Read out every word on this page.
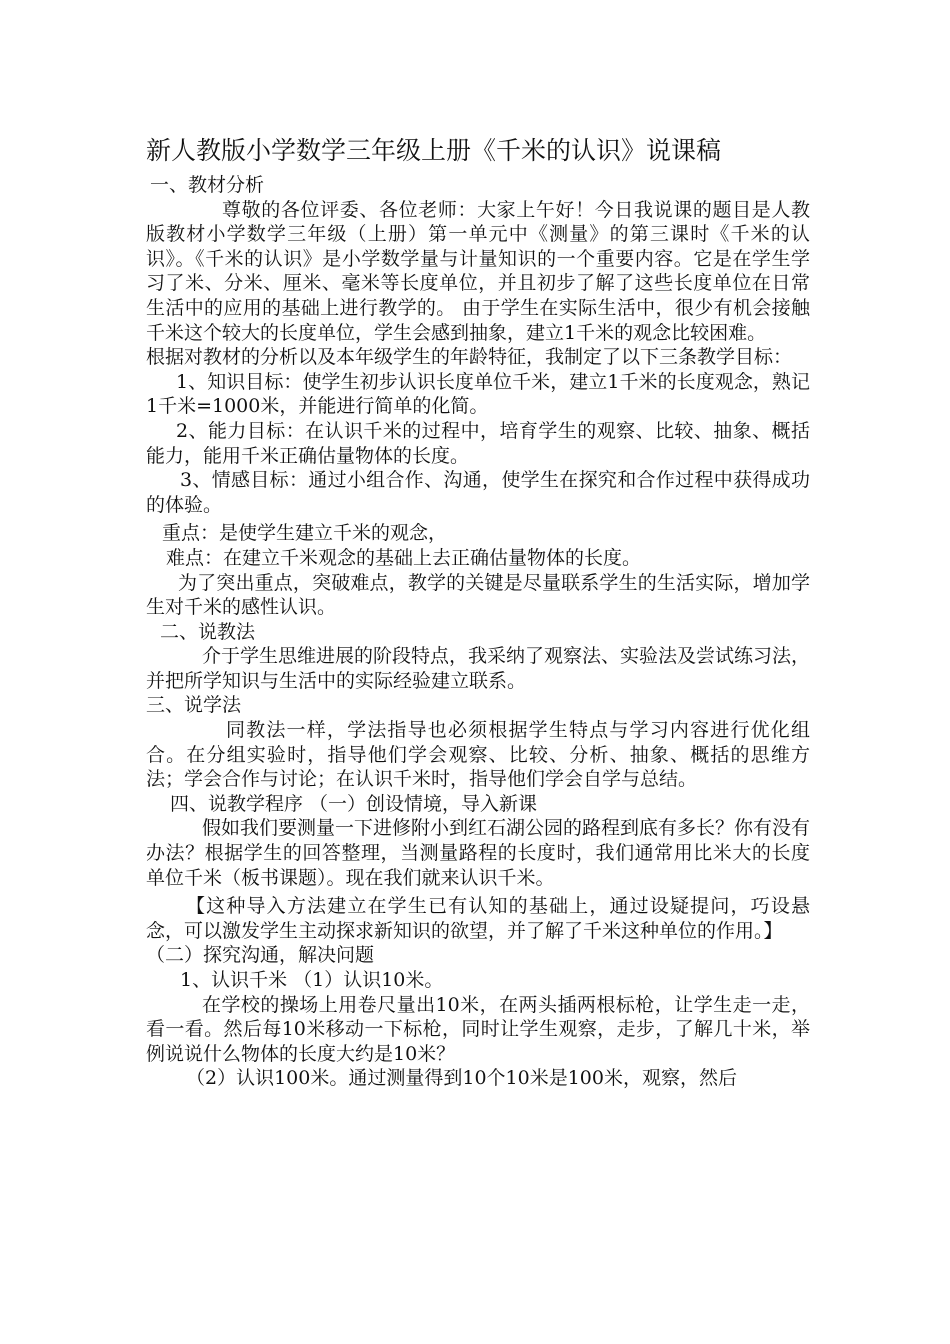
新人教版小学数学三年级上册《千米的认识》说课稿

一、教材分析

尊敬的各位评委、各位老师：大家上午好！今日我说课的题目是人教版教材小学数学三年级（上册）第一单元中《测量》的第三课时《千米的认识》。《千米的认识》是小学数学量与计量知识的一个重要内容。它是在学生学习了米、分米、厘米、毫米等长度单位，并且初步了解了这些长度单位在日常生活中的应用的基础上进行教学的。 由于学生在实际生活中，很少有机会接触千米这个较大的长度单位，学生会感到抽象，建立1千米的观念比较困难。

根据对教材的分析以及本年级学生的年龄特征，我制定了以下三条教学目标：

1、知识目标：使学生初步认识长度单位千米，建立1千米的长度观念，熟记1千米=1000米，并能进行简单的化简。

2、能力目标：在认识千米的过程中，培育学生的观察、比较、抽象、概括能力，能用千米正确估量物体的长度。

3、情感目标：通过小组合作、沟通，使学生在探究和合作过程中获得成功的体验。

重点：是使学生建立千米的观念，

难点：在建立千米观念的基础上去正确估量物体的长度。

为了突出重点，突破难点，教学的关键是尽量联系学生的生活实际，增加学生对千米的感性认识。

二、说教法

介于学生思维进展的阶段特点，我采纳了观察法、实验法及尝试练习法，并把所学知识与生活中的实际经验建立联系。

三、说学法

同教法一样，学法指导也必须根据学生特点与学习内容进行优化组合。在分组实验时，指导他们学会观察、比较、分析、抽象、概括的思维方法；学会合作与讨论；在认识千米时，指导他们学会自学与总结。

四、说教学程序 （一）创设情境，导入新课

假如我们要测量一下进修附小到红石湖公园的路程到底有多长？你有没有办法？根据学生的回答整理，当测量路程的长度时，我们通常用比米大的长度单位千米（板书课题）。现在我们就来认识千米。

【这种导入方法建立在学生已有认知的基础上，通过设疑提问，巧设悬念，可以激发学生主动探求新知识的欲望，并了解了千米这种单位的作用。】

（二）探究沟通，解决问题

1、认识千米 （1）认识10米。

在学校的操场上用卷尺量出10米，在两头插两根标枪，让学生走一走，看一看。然后每10米移动一下标枪，同时让学生观察，走步，了解几十米，举例说说什么物体的长度大约是10米？

（2）认识100米。通过测量得到10个10米是100米，观察，然后
